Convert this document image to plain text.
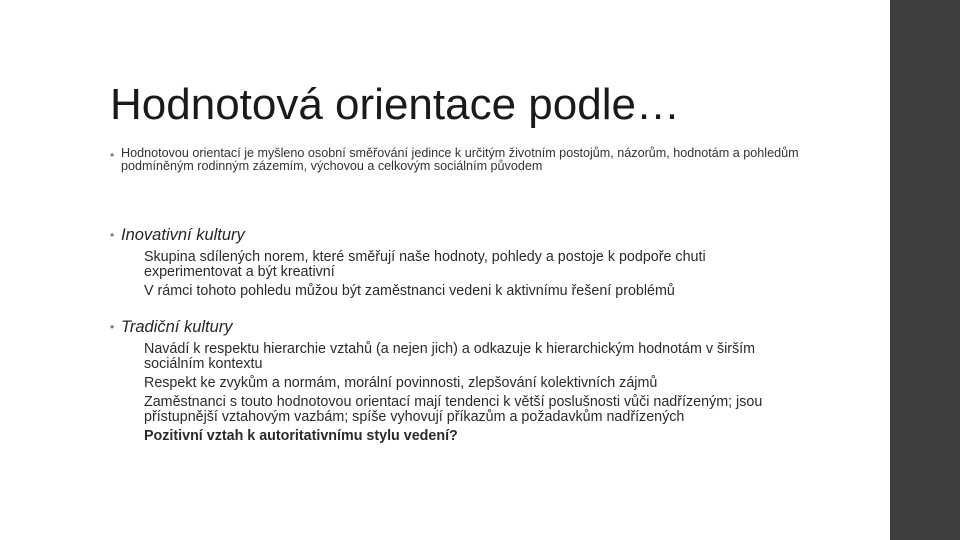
Hodnotová orientace podle…
• Hodnotovou orientací je myšleno osobní směřování jedince k určitým životním postojům, názorům, hodnotám a pohledům podmíněným rodinným zázemím, výchovou a celkovým sociálním původem
• Inovativní kultury
Skupina sdílených norem, které směřují naše hodnoty, pohledy a postoje k podpoře chuti experimentovat a být kreativní
V rámci tohoto pohledu můžou být zaměstnanci vedeni k aktivnímu řešení problémů
• Tradiční kultury
Navádí k respektu hierarchie vztahů (a nejen jich) a odkazuje k hierarchickým hodnotám v širším sociálním kontextu
Respekt ke zvykům a normám, morální povinnosti, zlepšování kolektivních zájmů
Zaměstnanci s touto hodnotovou orientací mají tendenci k větší poslušnosti vůči nadřízeným; jsou přístupnější vztahovým vazbám; spíše vyhovují příkazům a požadavkům nadřízených
Pozitivní vztah k autoritativnímu stylu vedení?
